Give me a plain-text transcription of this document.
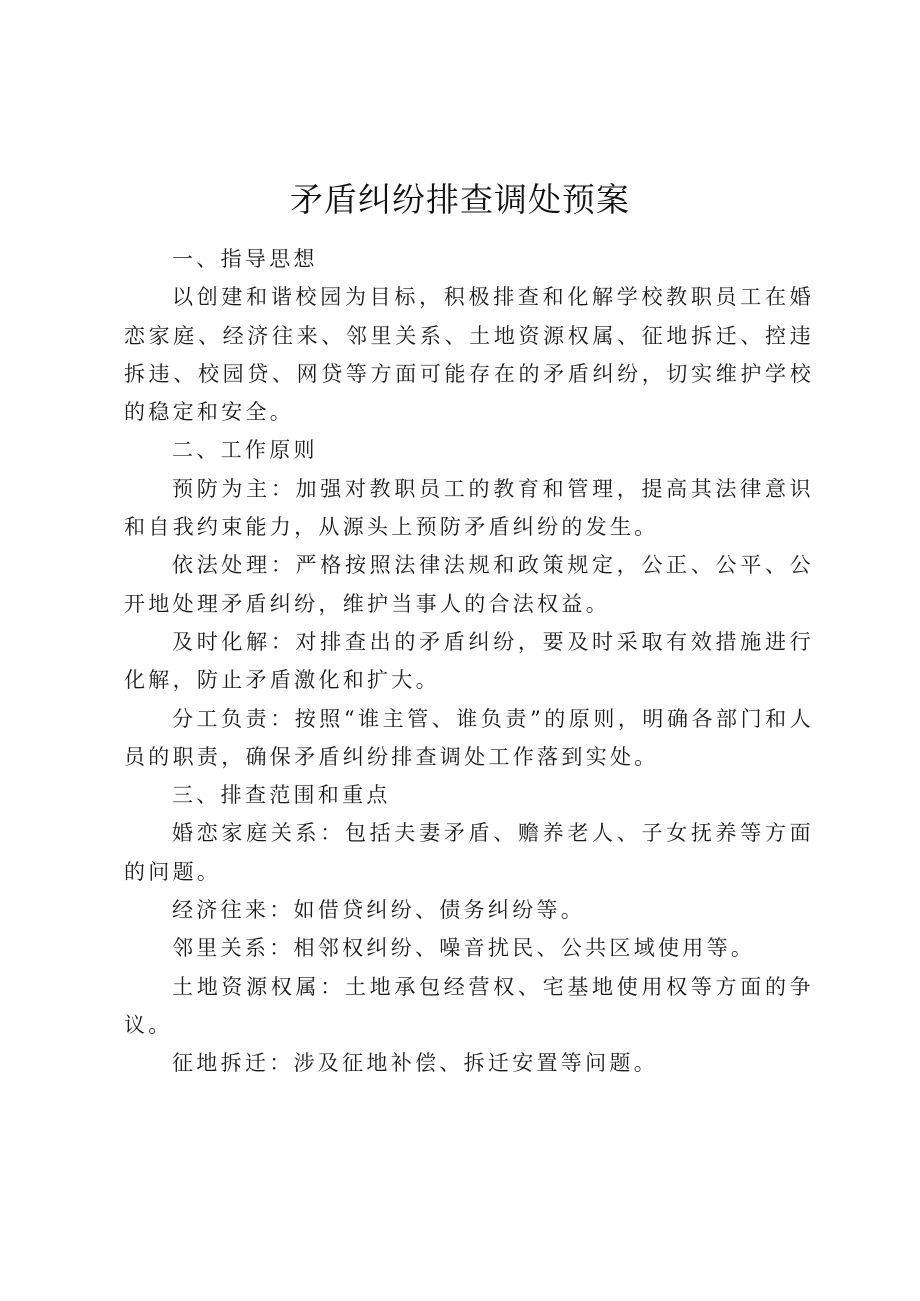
矛盾纠纷排查调处预案

一、指导思想

以创建和谐校园为目标，积极排查和化解学校教职员工在婚恋家庭、经济往来、邻里关系、土地资源权属、征地拆迁、控违拆违、校园贷、网贷等方面可能存在的矛盾纠纷，切实维护学校的稳定和安全。

二、工作原则

预防为主：加强对教职员工的教育和管理，提高其法律意识和自我约束能力，从源头上预防矛盾纠纷的发生。

依法处理：严格按照法律法规和政策规定，公正、公平、公开地处理矛盾纠纷，维护当事人的合法权益。

及时化解：对排查出的矛盾纠纷，要及时采取有效措施进行化解，防止矛盾激化和扩大。

分工负责：按照“谁主管、谁负责”的原则，明确各部门和人员的职责，确保矛盾纠纷排查调处工作落到实处。

三、排查范围和重点

婚恋家庭关系：包括夫妻矛盾、赡养老人、子女抚养等方面的问题。

经济往来：如借贷纠纷、债务纠纷等。

邻里关系：相邻权纠纷、噪音扰民、公共区域使用等。

土地资源权属：土地承包经营权、宅基地使用权等方面的争议。

征地拆迁：涉及征地补偿、拆迁安置等问题。
